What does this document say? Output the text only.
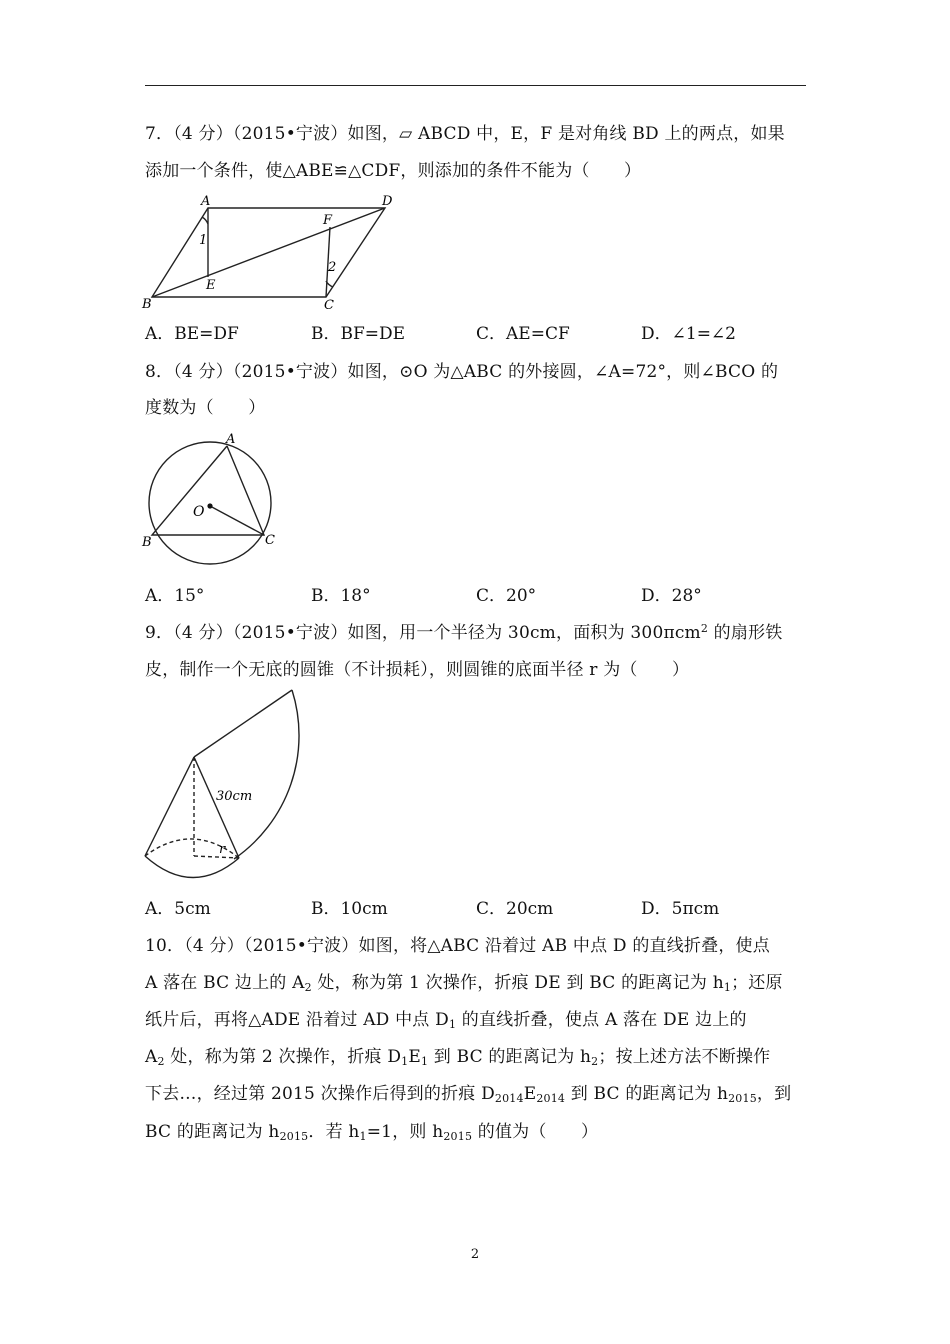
7．（4 分）（2015•宁波）如图，▱ ABCD 中，E，F 是对角线 BD 上的两点，如果
添加一个条件，使△ABE≌△CDF，则添加的条件不能为（　　）
A	D
F
1
2
E
B	C
A．BE=DF	B．BF=DE	C．AE=CF	D．∠1=∠2
8．（4 分）（2015•宁波）如图，⊙O 为△ABC 的外接圆，∠A=72°，则∠BCO 的
度数为（　　）
A
O
B	C
A．15°	B．18°	C．20°	D．28°
9．（4 分）（2015•宁波）如图，用一个半径为 30cm，面积为 300πcm$^2$ 的扇形铁
皮，制作一个无底的圆锥（不计损耗），则圆锥的底面半径 r 为（　　）
30cm
r
A．5cm	B．10cm	C．20cm	D．5πcm
10．（4 分）（2015•宁波）如图，将△ABC 沿着过 AB 中点 D 的直线折叠，使点
A 落在 BC 边上的 $A_2$ 处，称为第 1 次操作，折痕 DE 到 BC 的距离记为 $h_1$；还原
纸片后，再将△ADE 沿着过 AD 中点 $D_1$ 的直线折叠，使点 A 落在 DE 边上的
$A_2$ 处，称为第 2 次操作，折痕 $D_1E_1$ 到 BC 的距离记为 $h_2$；按上述方法不断操作
下去…，经过第 2015 次操作后得到的折痕 $D_{2014}E_{2014}$ 到 BC 的距离记为 $h_{2015}$，到
BC 的距离记为 $h_{2015}$．若 $h_1=1$，则 $h_{2015}$ 的值为（　　）
2
